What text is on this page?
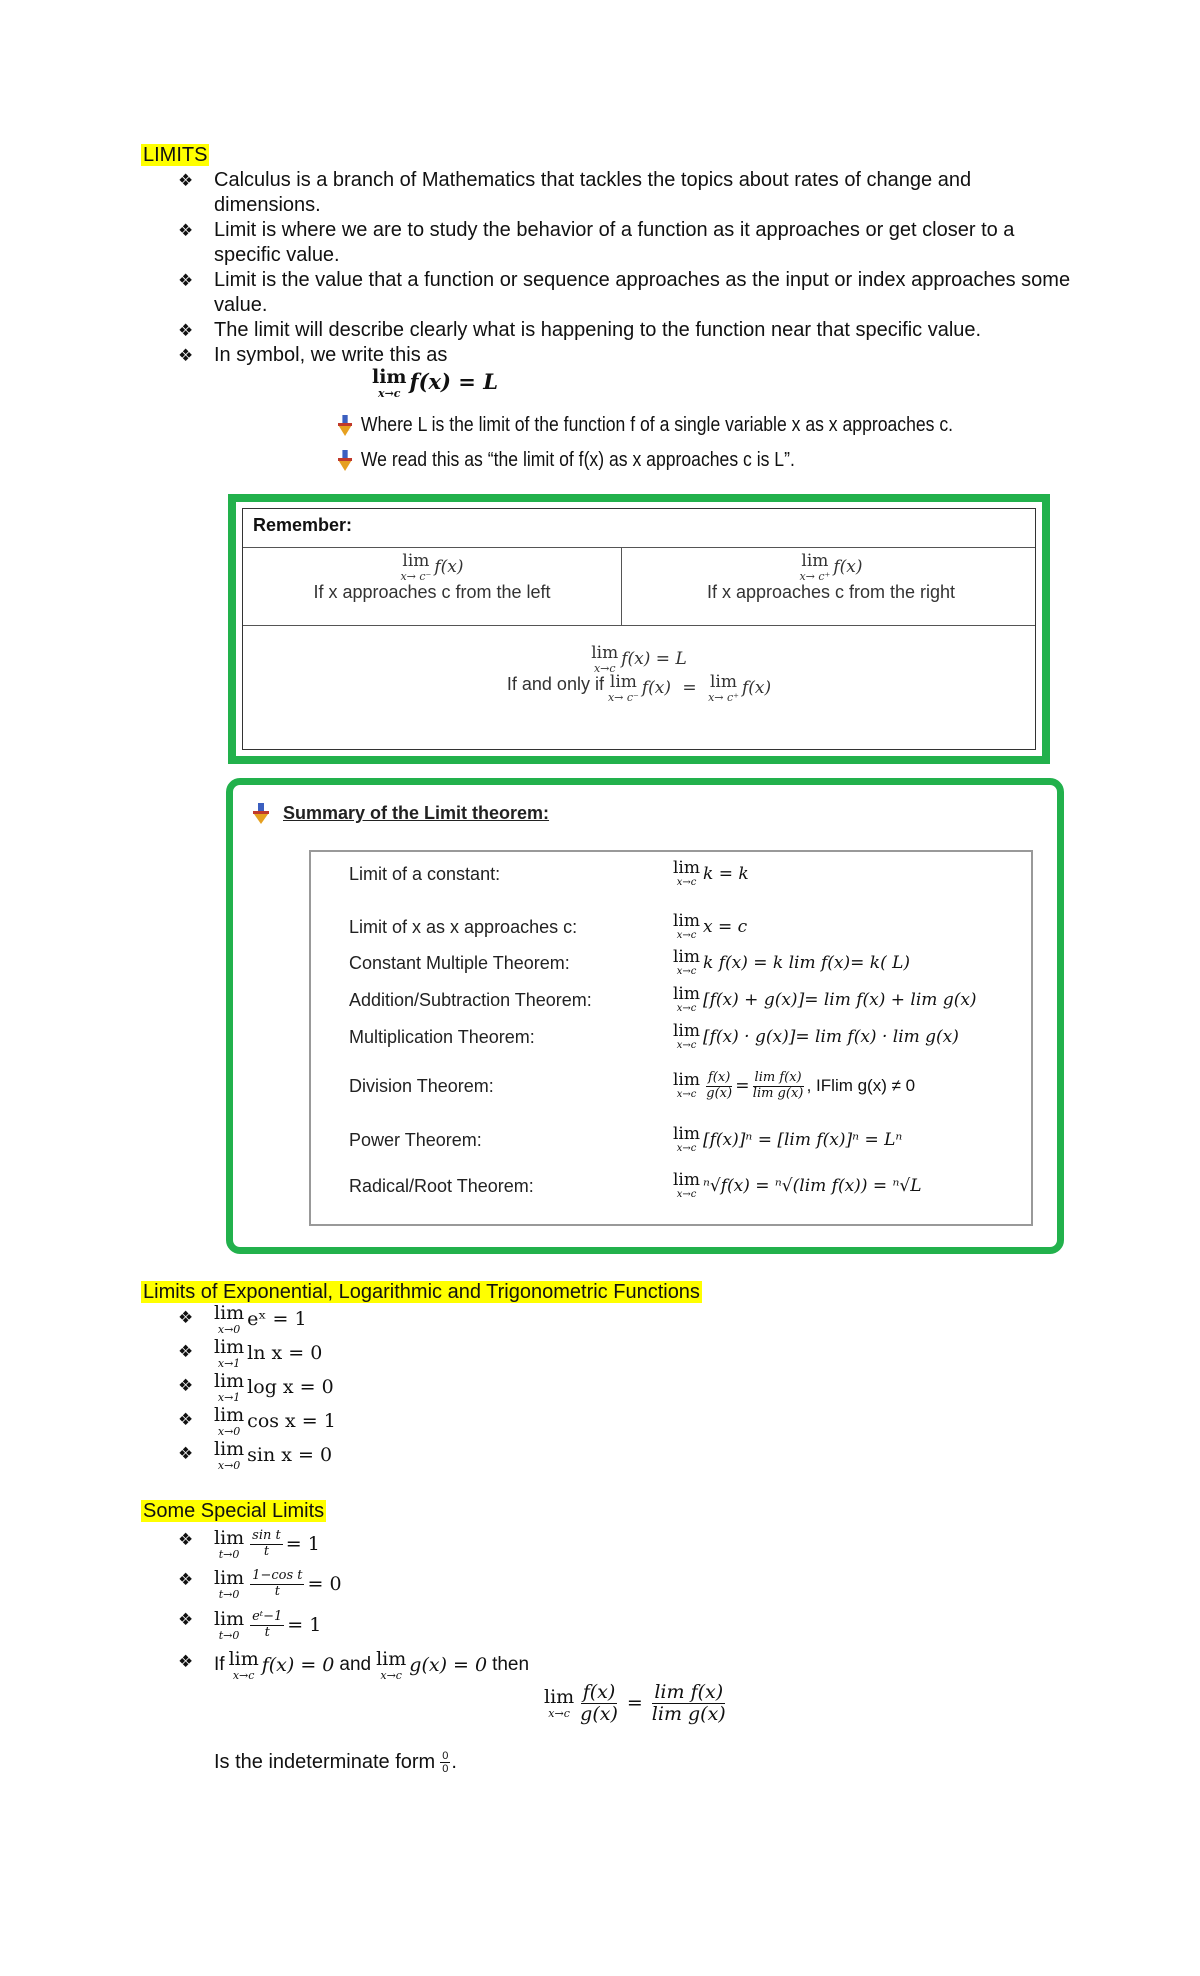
LIMITS
❖ Calculus is a branch of Mathematics that tackles the topics about rates of change and dimensions.
❖ Limit is where we are to study the behavior of a function as it approaches or get closer to a specific value.
❖ Limit is the value that a function or sequence approaches as the input or index approaches some value.
❖ The limit will describe clearly what is happening to the function near that specific value.
❖ In symbol, we write this as
lim
x→c f(x) = L
Where L is the limit of the function f of a single variable x as x approaches c.
We read this as “the limit of f(x) as x approaches c is L”.
Remember:
lim
x→ c⁻ f(x)
If x approaches c from the left
lim
x→ c⁺ f(x)
If x approaches c from the right
lim
x→c f(x) = L
If and only if lim
x→ c⁻ f(x) = lim
x→ c⁺ f(x)
Summary of the Limit theorem:
Limit of a constant:	lim
x→c k = k
Limit of x as x approaches c:	lim
x→c x = c
Constant Multiple Theorem:	lim
x→c k f(x) = k lim f(x)= k( L)
Addition/Subtraction Theorem:	lim
x→c [f(x) + g(x)]= lim f(x) + lim g(x)
Multiplication Theorem:	lim
x→c [f(x) · g(x)]= lim f(x) · lim g(x)
Division Theorem:	lim
$x\to c \frac{f(x)}{g(x)} = \frac{\text{lim f(x)}}{\text{lim g(x)}}$ , IFlim g(x) ≠ 0
Power Theorem:	lim
x→c [f(x)]ⁿ = [lim f(x)]ⁿ = Lⁿ
Radical/Root Theorem:	lim
x→c ⁿ√f(x) = ⁿ√(lim f(x)) = ⁿ√L
Limits of Exponential, Logarithmic and Trigonometric Functions
❖ lim
x→0 eˣ = 1
❖ lim
x→1 ln x = 0
❖ lim
x→1 log x = 0
❖ lim
x→0 cos x = 1
❖ lim
x→0 sin x = 0
Some Special Limits
❖ lim
$t\to 0 \frac{\text{sin t}}{t} = 1$
❖ lim
$t\to 0 \frac{\text{1−cos t}}{t} = 0$
❖ lim
$t\to 0 \frac{\text{eᵗ−1}}{t} = 1$
❖ If lim
x→c f(x) = 0 and lim
x→c g(x) = 0 then
lim
$x\to c \frac{f(x)}{g(x)} = \frac{\text{lim f(x)}}{\text{lim g(x)}}$
Is the indeterminate form $\frac{0}{0}$ .
